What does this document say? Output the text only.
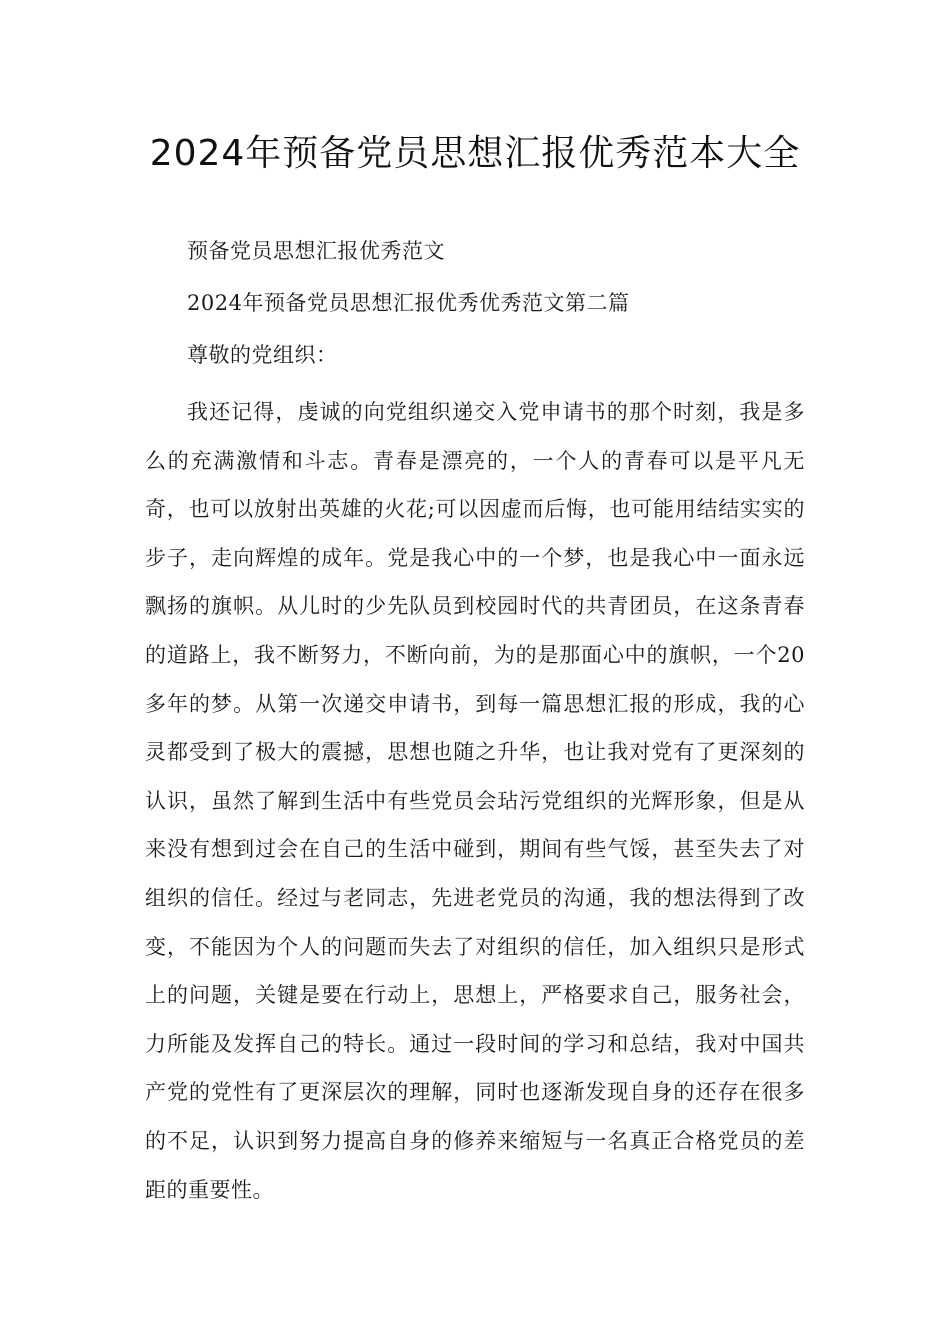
2024年预备党员思想汇报优秀范本大全

预备党员思想汇报优秀范文

2024年预备党员思想汇报优秀优秀范文第二篇

尊敬的党组织：

我还记得，虔诚的向党组织递交入党申请书的那个时刻，我是多么的充满激情和斗志。青春是漂亮的，一个人的青春可以是平凡无奇，也可以放射出英雄的火花;可以因虚而后悔，也可能用结结实实的步子，走向辉煌的成年。党是我心中的一个梦，也是我心中一面永远飘扬的旗帜。从儿时的少先队员到校园时代的共青团员，在这条青春的道路上，我不断努力，不断向前，为的是那面心中的旗帜，一个20多年的梦。从第一次递交申请书，到每一篇思想汇报的形成，我的心灵都受到了极大的震撼，思想也随之升华，也让我对党有了更深刻的认识，虽然了解到生活中有些党员会玷污党组织的光辉形象，但是从来没有想到过会在自己的生活中碰到，期间有些气馁，甚至失去了对组织的信任。经过与老同志，先进老党员的沟通，我的想法得到了改变，不能因为个人的问题而失去了对组织的信任，加入组织只是形式上的问题，关键是要在行动上，思想上，严格要求自己，服务社会，力所能及发挥自己的特长。通过一段时间的学习和总结，我对中国共产党的党性有了更深层次的理解，同时也逐渐发现自身的还存在很多的不足，认识到努力提高自身的修养来缩短与一名真正合格党员的差距的重要性。
